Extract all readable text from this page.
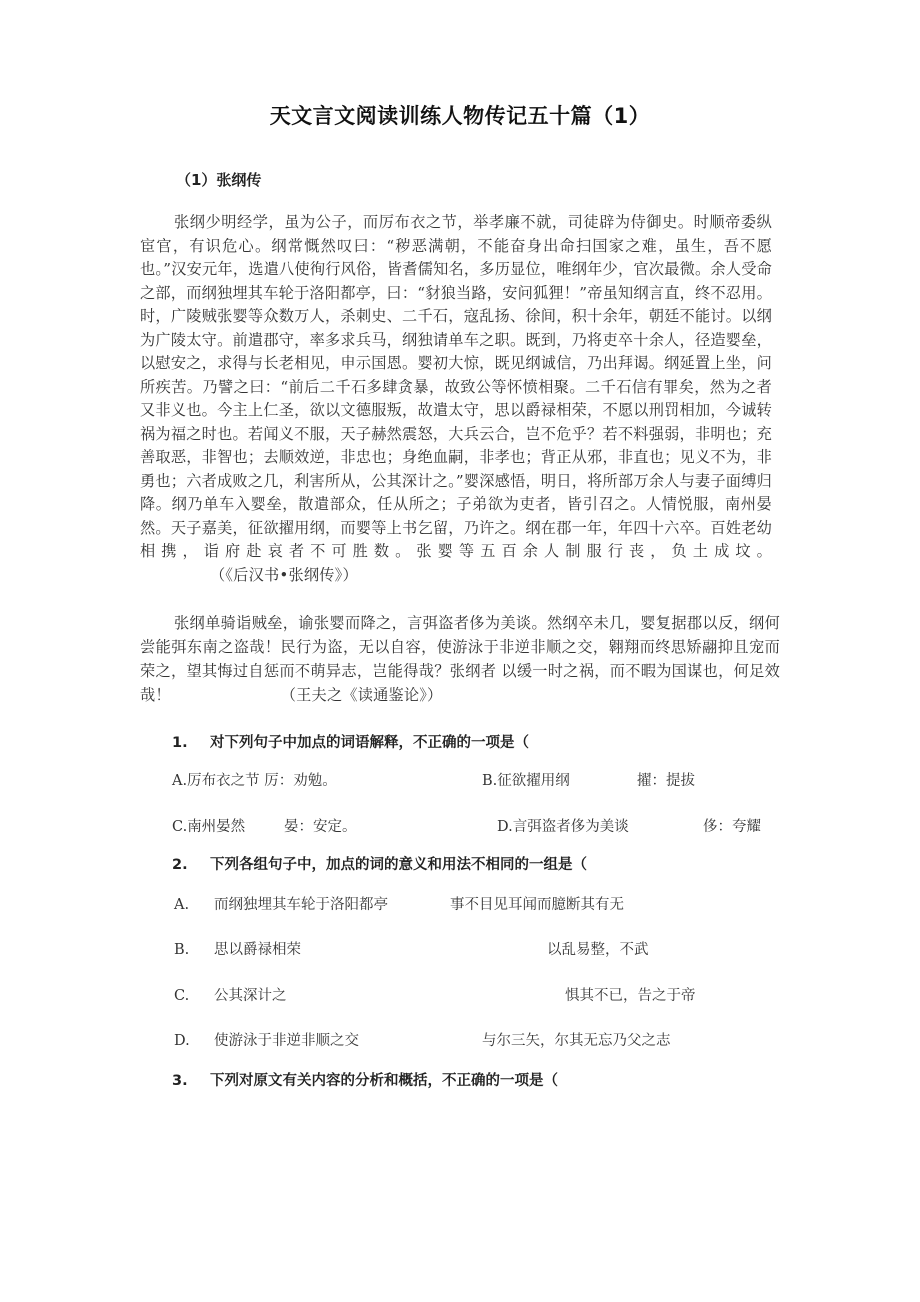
天文言文阅读训练人物传记五十篇（1）
（1）张纲传
张纲少明经学，虽为公子，而厉布衣之节，举孝廉不就，司徒辟为侍御史。时顺帝委纵宦官，有识危心。纲常慨然叹曰：“秽恶满朝，不能奋身出命扫国家之难，虽生，吾不愿也。”汉安元年，选遣八使徇行风俗，皆耆儒知名，多历显位，唯纲年少，官次最微。余人受命之部，而纲独埋其车轮于洛阳都亭，曰：“豺狼当路，安问狐狸！”帝虽知纲言直，终不忍用。时，广陵贼张婴等众数万人，杀刺史、二千石，寇乱扬、徐间，积十余年，朝廷不能讨。以纲为广陵太守。前遣郡守，率多求兵马，纲独请单车之职。既到，乃将吏卒十余人，径造婴垒，以慰安之，求得与长老相见，申示国恩。婴初大惊，既见纲诚信，乃出拜谒。纲延置上坐，问所疾苦。乃譬之曰：“前后二千石多肆贪暴，故致公等怀愤相聚。二千石信有罪矣，然为之者又非义也。今主上仁圣，欲以文德服叛，故遣太守，思以爵禄相荣，不愿以刑罚相加，今诚转祸为福之时也。若闻义不服，天子赫然震怒，大兵云合，岂不危乎？若不料强弱，非明也；充善取恶，非智也；去顺效逆，非忠也；身绝血嗣，非孝也；背正从邪，非直也；见义不为，非勇也；六者成败之几，利害所从，公其深计之。”婴深感悟，明日，将所部万余人与妻子面缚归降。纲乃单车入婴垒，散遣部众，任从所之；子弟欲为吏者，皆引召之。人情悦服，南州晏然。天子嘉美，征欲擢用纲，而婴等上书乞留，乃许之。纲在郡一年，年四十六卒。百姓老幼相携，诣府赴哀者不可胜数。张婴等五百余人制服行丧，负土成坟。（《后汉书•张纲传》）
张纲单骑诣贼垒，谕张婴而降之，言弭盗者侈为美谈。然纲卒未几，婴复据郡以反，纲何尝能弭东南之盗哉！民行为盗，无以自容，使游泳于非逆非顺之交，翱翔而终思矫翮抑且宠而荣之，望其悔过自惩而不萌异志，岂能得哉？张纲者 以缓一时之祸，而不暇为国谋也，何足效哉！	（王夫之《读通鉴论》）
1. 对下列句子中加点的词语解释，不正确的一项是（
A.厉布衣之节 厉：劝勉。	B.征欲擢用纲	擢：提拔
C.南州晏然	晏：安定。	D.言弭盗者侈为美谈	侈：夸耀
2. 下列各组句子中，加点的词的意义和用法不相同的一组是（
A. 而纲独埋其车轮于洛阳都亭	事不目见耳闻而臆断其有无
B. 思以爵禄相荣	以乱易整，不武
C. 公其深计之	惧其不已，告之于帝
D. 使游泳于非逆非顺之交	与尔三矢，尔其无忘乃父之志
3. 下列对原文有关内容的分析和概括，不正确的一项是（
